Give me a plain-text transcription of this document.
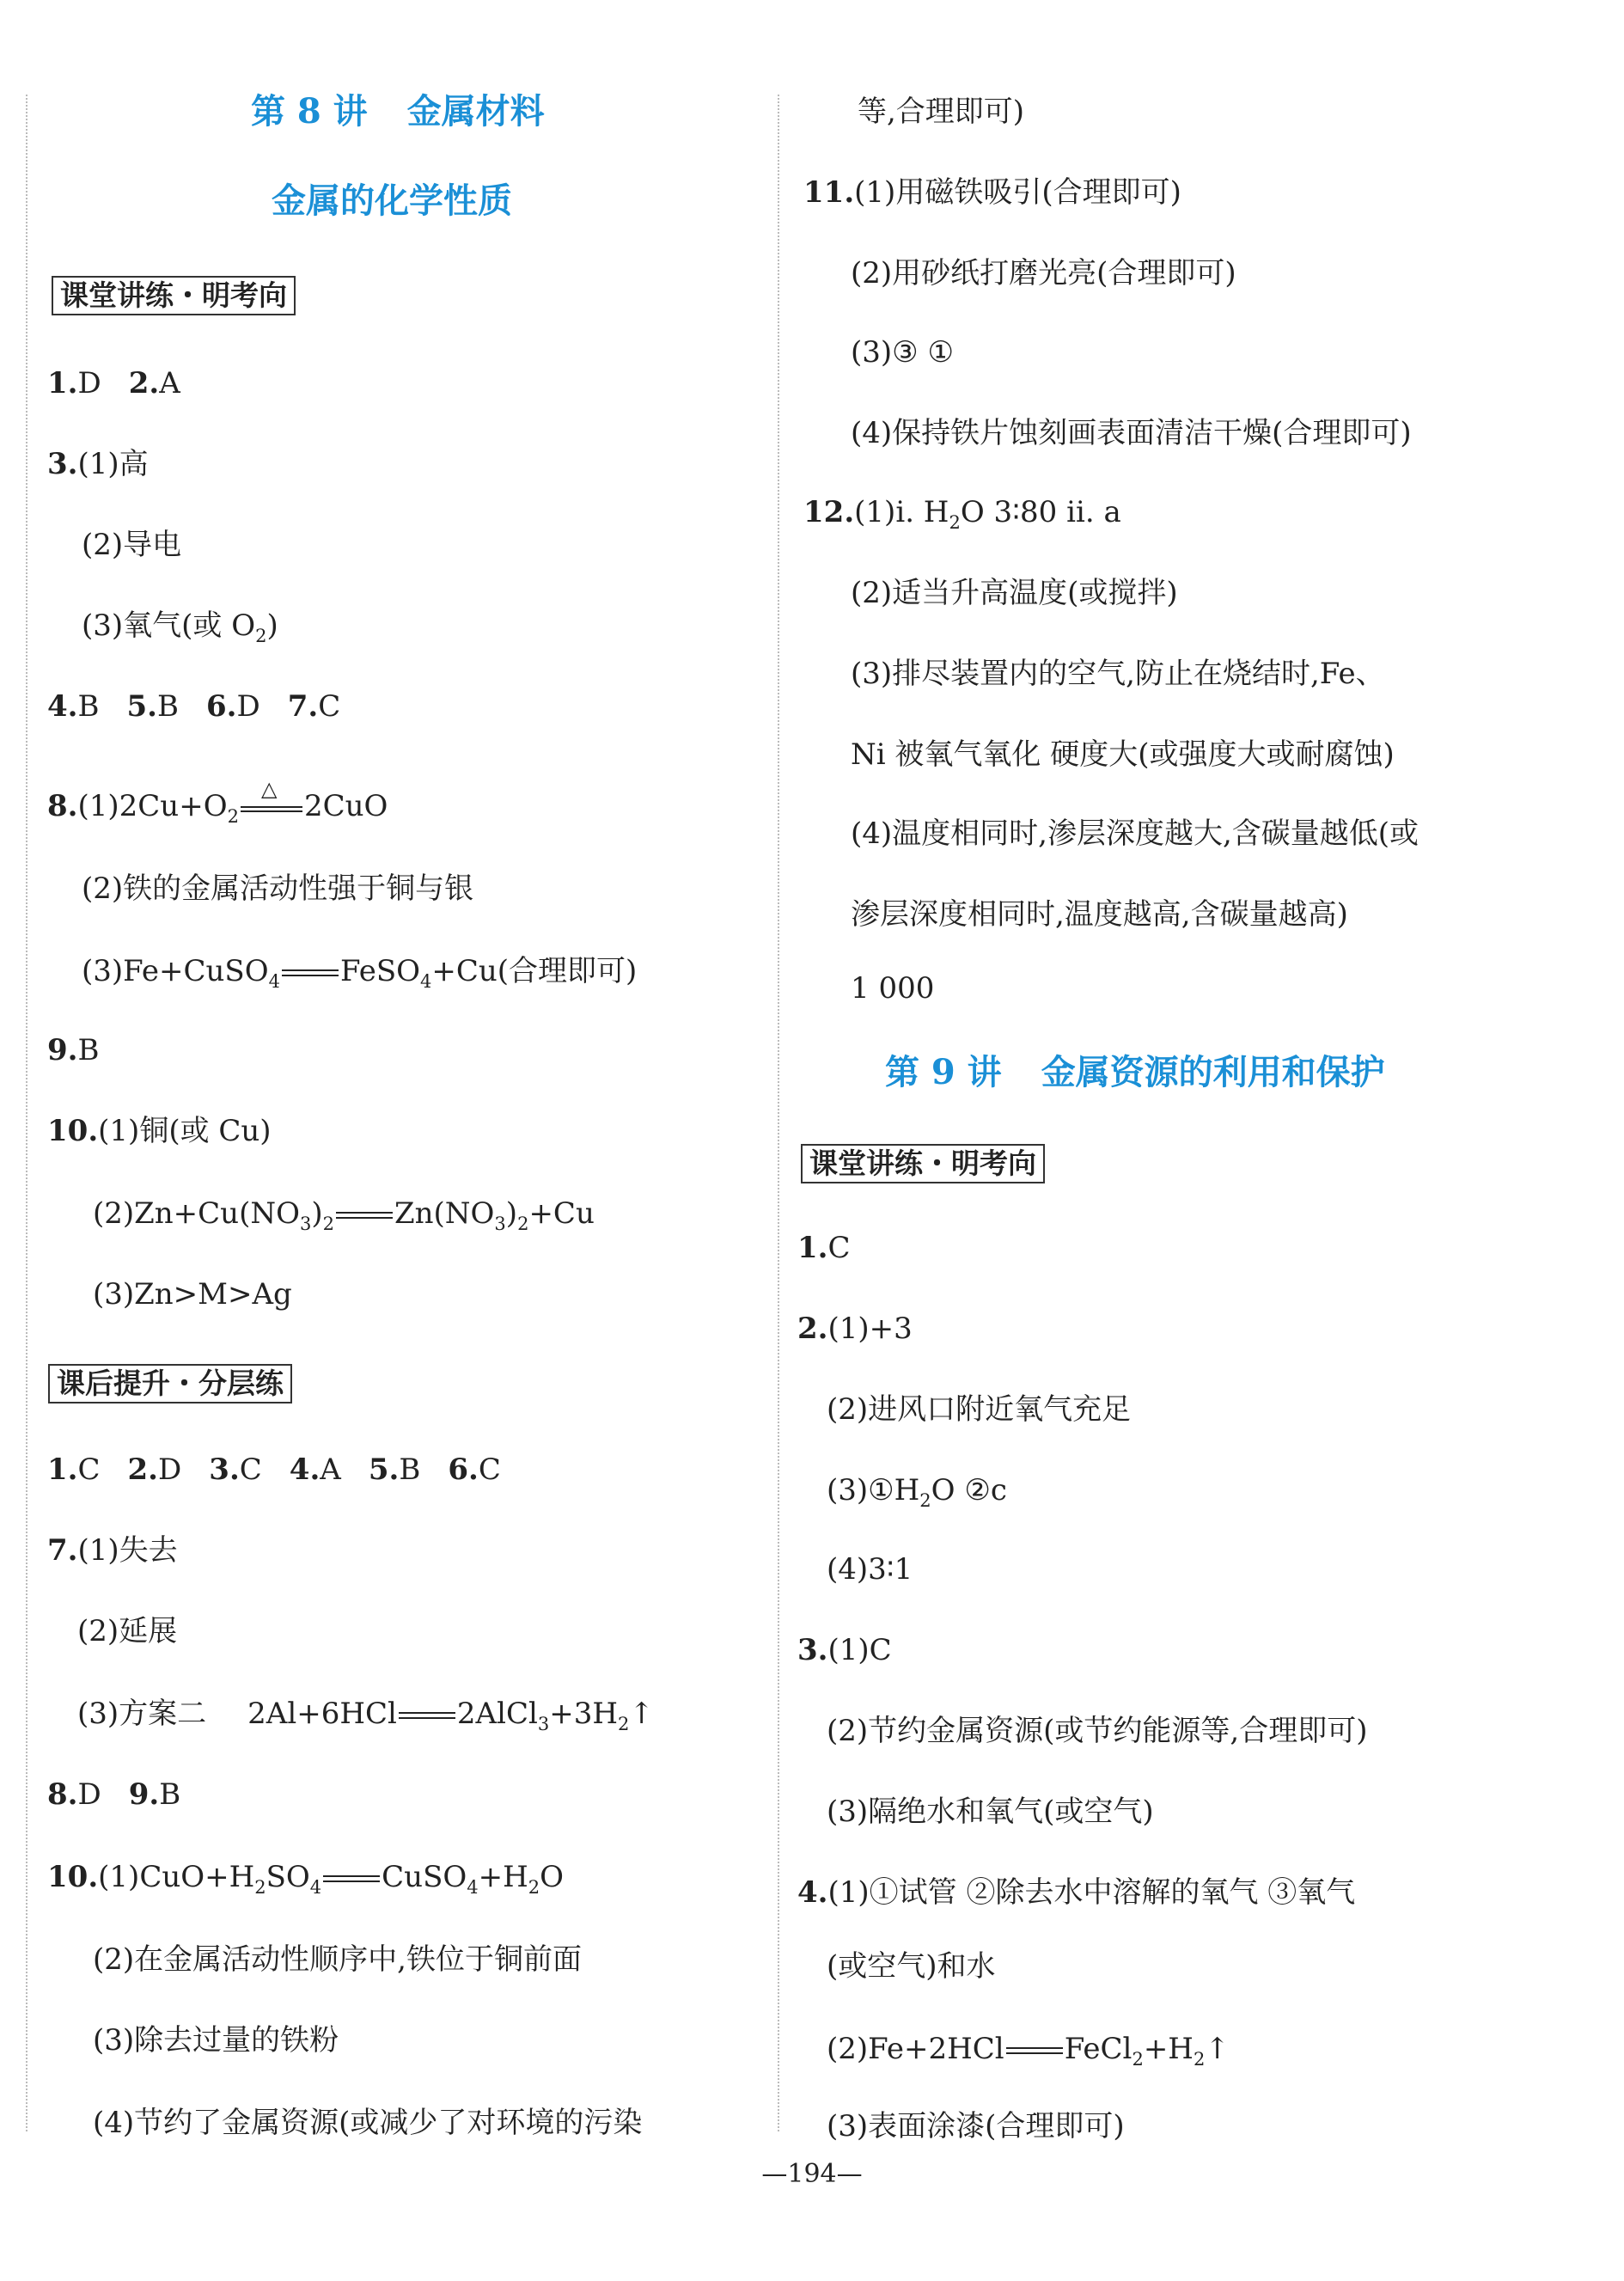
第 8 讲 金属材料
金属的化学性质
课堂讲练・明考向
1.D 2.A
3.(1)高
(2)导电
(3)氧气(或 $O_2$)
4.B 5.B 6.D 7.C
$8.(1)2Cu+O_2$
△ 2CuO
(2)铁的金属活动性强于铜与银
(3)Fe+CuSO$_4$ FeSO$_4$+Cu(合理即可)
9.B
10.(1)铜(或 Cu)
$(2)Zn+Cu(NO_3)_2$ $Zn(NO_3)_2+Cu$
(3)Zn>M>Ag
课后提升・分层练
1.C 2.D 3.C 4.A 5.B 6.C
7.(1)失去
(2)延展
(3)方案二 2Al+6HCl $2AlCl_3+3H_2↑$
8.D 9.B
$10.(1)CuO+H_2SO_4$ $CuSO_4+H_2O$
(2)在金属活动性顺序中,铁位于铜前面
(3)除去过量的铁粉
(4)节约了金属资源(或减少了对环境的污染
等,合理即可)
11.(1)用磁铁吸引(合理即可)
(2)用砂纸打磨光亮(合理即可)
(3)③ ①
(4)保持铁片蚀刻画表面清洁干燥(合理即可)
12.(1)ⅰ. $H_2O$ 3∶80 ⅱ. a
(2)适当升高温度(或搅拌)
(3)排尽装置内的空气,防止在烧结时,Fe、
Ni 被氧气氧化 硬度大(或强度大或耐腐蚀)
(4)温度相同时,渗层深度越大,含碳量越低(或
渗层深度相同时,温度越高,含碳量越高)
1 000
第 9 讲 金属资源的利用和保护
课堂讲练・明考向
1.C
2.(1)+3
(2)进风口附近氧气充足
$(3)①H_2O$ ②c
(4)3∶1
3.(1)C
(2)节约金属资源(或节约能源等,合理即可)
(3)隔绝水和氧气(或空气)
4.(1)①试管 ②除去水中溶解的氧气 ③氧气
(或空气)和水
(2)Fe+2HCl $FeCl_2+H_2↑$
(3)表面涂漆(合理即可)
—194—
